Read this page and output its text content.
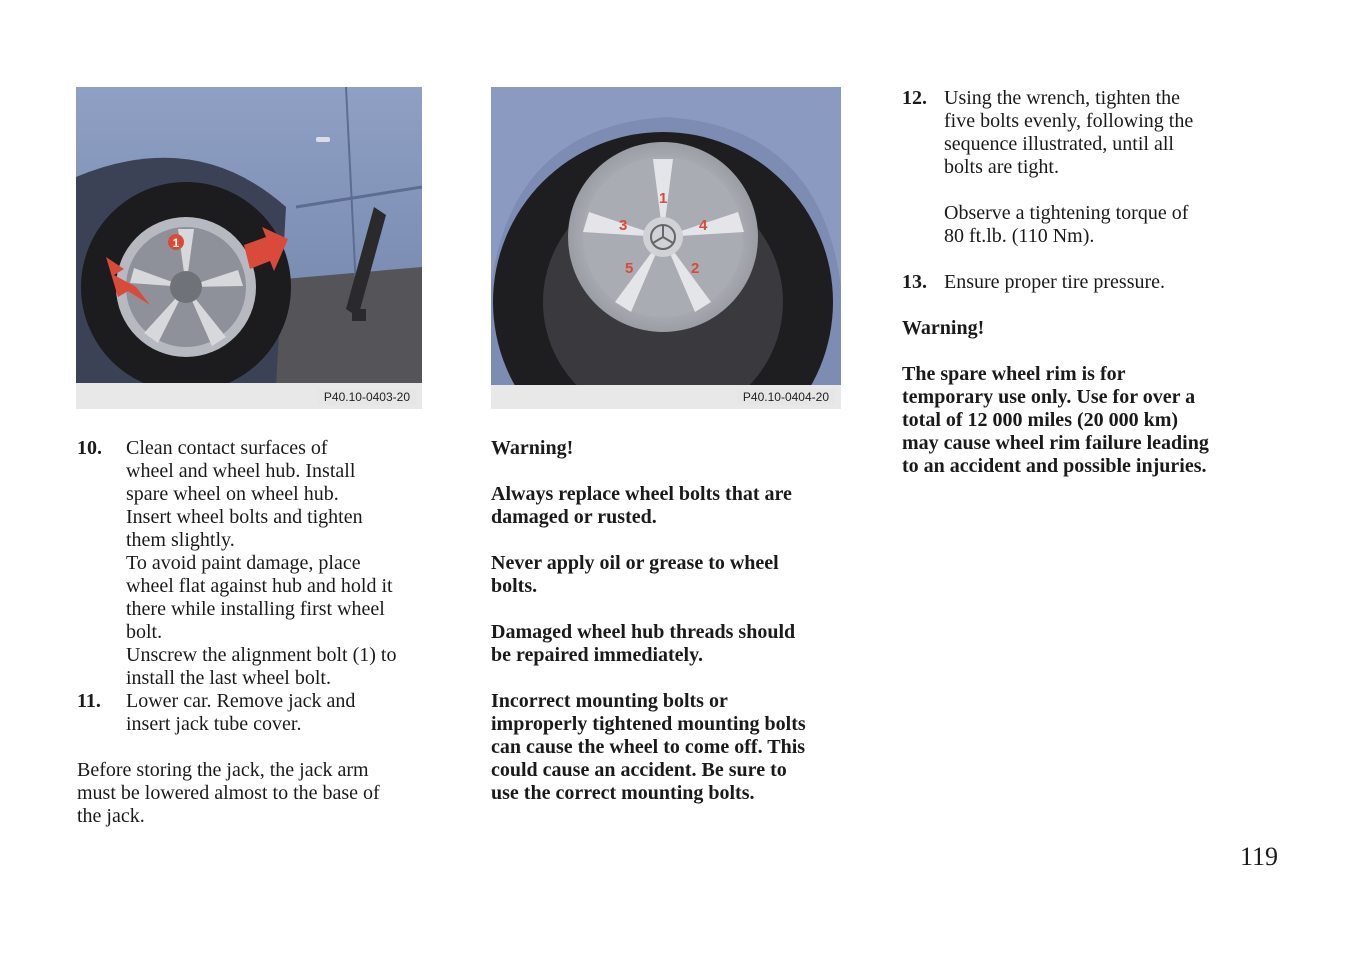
1
P40.10-0403-20
1
2
3	4
5
P40.10-0404-20
10. Clean contact surfaces of

wheel and wheel hub. Install

spare wheel on wheel hub.

Insert wheel bolts and tighten

them slightly.

To avoid paint damage, place

wheel flat against hub and hold it

there while installing first wheel

bolt.

Unscrew the alignment bolt (1) to

install the last wheel bolt.

11. Lower car. Remove jack and

insert jack tube cover.

Before storing the jack, the jack arm

must be lowered almost to the base of

the jack.

Warning!

Always replace wheel bolts that are

damaged or rusted.

Never apply oil or grease to wheel

bolts.

Damaged wheel hub threads should

be repaired immediately.

Incorrect mounting bolts or

improperly tightened mounting bolts

can cause the wheel to come off. This

could cause an accident. Be sure to

use the correct mounting bolts.

12. Using the wrench, tighten the

five bolts evenly, following the

sequence illustrated, until all

bolts are tight.

Observe a tightening torque of

80 ft.lb. (110 Nm).

13. Ensure proper tire pressure.

Warning!

The spare wheel rim is for

temporary use only. Use for over a

total of 12 000 miles (20 000 km)

may cause wheel rim failure leading

to an accident and possible injuries.

119
